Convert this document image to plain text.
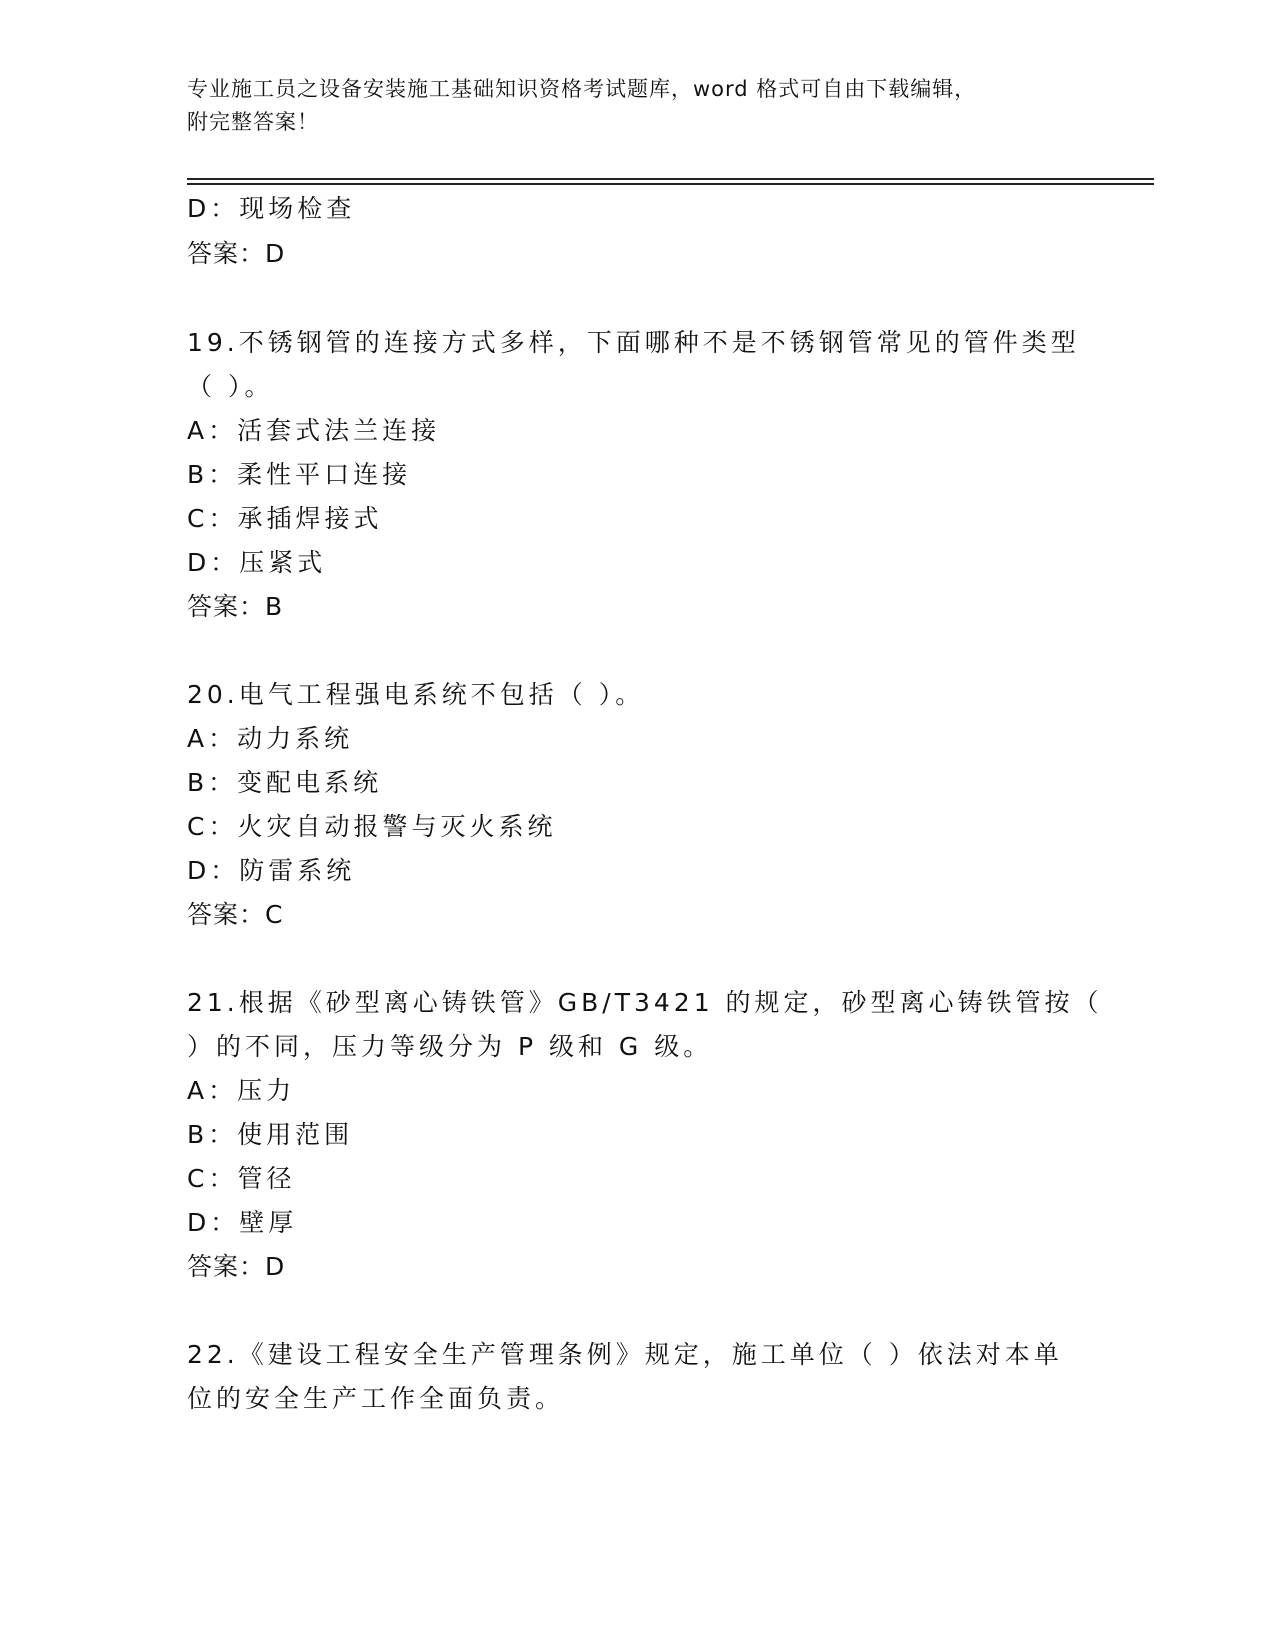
专业施工员之设备安装施工基础知识资格考试题库，word 格式可自由下载编辑，
附完整答案！
D：现场检查
答案：D
19.不锈钢管的连接方式多样，下面哪种不是不锈钢管常见的管件类型
（ ）。
A：活套式法兰连接
B：柔性平口连接
C：承插焊接式
D：压紧式
答案：B
20.电气工程强电系统不包括（ ）。
A：动力系统
B：变配电系统
C：火灾自动报警与灭火系统
D：防雷系统
答案：C
21.根据《砂型离心铸铁管》GB/T3421 的规定，砂型离心铸铁管按（
）的不同，压力等级分为 P 级和 G 级。
A：压力
B：使用范围
C：管径
D：壁厚
答案：D
22.《建设工程安全生产管理条例》规定，施工单位（ ）依法对本单
位的安全生产工作全面负责。
